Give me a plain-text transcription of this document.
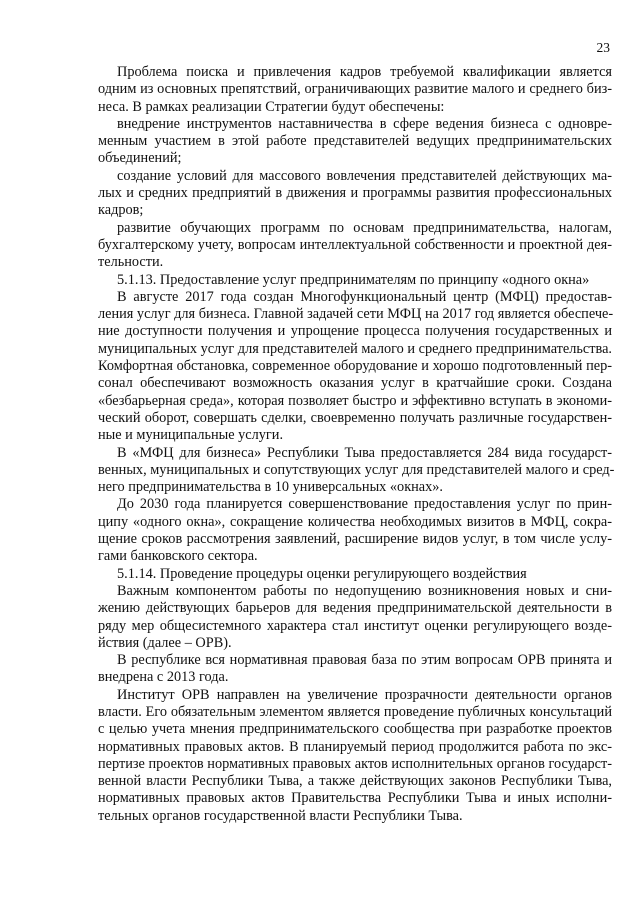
23
Проблема поиска и привлечения кадров требуемой квалификации является
одним из основных препятствий, ограничивающих развитие малого и среднего биз-
неса. В рамках реализации Стратегии будут обеспечены:
внедрение инструментов наставничества в сфере ведения бизнеса с одновре-
менным участием в этой работе представителей ведущих предпринимательских
объединений;
создание условий для массового вовлечения представителей действующих ма-
лых и средних предприятий в движения и программы развития профессиональных
кадров;
развитие обучающих программ по основам предпринимательства, налогам,
бухгалтерскому учету, вопросам интеллектуальной собственности и проектной дея-
тельности.
5.1.13. Предоставление услуг предпринимателям по принципу «одного окна»
В августе 2017 года создан Многофункциональный центр (МФЦ) предостав-
ления услуг для бизнеса. Главной задачей сети МФЦ на 2017 год является обеспече-
ние доступности получения и упрощение процесса получения государственных и
муниципальных услуг для представителей малого и среднего предпринимательства.
Комфортная обстановка, современное оборудование и хорошо подготовленный пер-
сонал обеспечивают возможность оказания услуг в кратчайшие сроки. Создана
«безбарьерная среда», которая позволяет быстро и эффективно вступать в экономи-
ческий оборот, совершать сделки, своевременно получать различные государствен-
ные и муниципальные услуги.
В «МФЦ для бизнеса» Республики Тыва предоставляется 284 вида государст-
венных, муниципальных и сопутствующих услуг для представителей малого и сред-
него предпринимательства в 10 универсальных «окнах».
До 2030 года планируется совершенствование предоставления услуг по прин-
ципу «одного окна», сокращение количества необходимых визитов в МФЦ, сокра-
щение сроков рассмотрения заявлений, расширение видов услуг, в том числе услу-
гами банковского сектора.
5.1.14. Проведение процедуры оценки регулирующего воздействия
Важным компонентом работы по недопущению возникновения новых и сни-
жению действующих барьеров для ведения предпринимательской деятельности в
ряду мер общесистемного характера стал институт оценки регулирующего возде-
йствия (далее – ОРВ).
В республике вся нормативная правовая база по этим вопросам ОРВ принята и
внедрена с 2013 года.
Институт ОРВ направлен на увеличение прозрачности деятельности органов
власти. Его обязательным элементом является проведение публичных консультаций
с целью учета мнения предпринимательского сообщества при разработке проектов
нормативных правовых актов. В планируемый период продолжится работа по экс-
пертизе проектов нормативных правовых актов исполнительных органов государст-
венной власти Республики Тыва, а также действующих законов Республики Тыва,
нормативных правовых актов Правительства Республики Тыва и иных исполни-
тельных органов государственной власти Республики Тыва.
